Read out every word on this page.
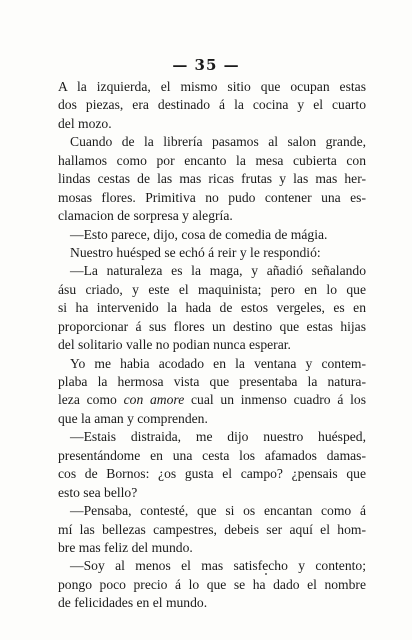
— 35 —
A la izquierda, el mismo sitio que ocupan estas
dos piezas, era destinado á la cocina y el cuarto
del mozo.
Cuando de la librería pasamos al salon grande,
hallamos como por encanto la mesa cubierta con
lindas cestas de las mas ricas frutas y las mas her-
mosas flores. Primitiva no pudo contener una es-
clamacion de sorpresa y alegría.
—Esto parece, dijo, cosa de comedia de mágia.
Nuestro huésped se echó á reir y le respondió:
—La naturaleza es la maga, y añadió señalando
ásu criado, y este el maquinista; pero en lo que
si ha intervenido la hada de estos vergeles, es en
proporcionar á sus flores un destino que estas hijas
del solitario valle no podian nunca esperar.
Yo me habia acodado en la ventana y contem-
plaba la hermosa vista que presentaba la natura-
leza como con amore cual un inmenso cuadro á los
que la aman y comprenden.
—Estais distraida, me dijo nuestro huésped,
presentándome en una cesta los afamados damas-
cos de Bornos: ¿os gusta el campo? ¿pensais que
esto sea bello?
—Pensaba, contesté, que si os encantan como á
mí las bellezas campestres, debeis ser aquí el hom-
bre mas feliz del mundo.
—Soy al menos el mas satisfecho y contento;
pongo poco precio á lo que se ha dado el nombre
de felicidades en el mundo.
